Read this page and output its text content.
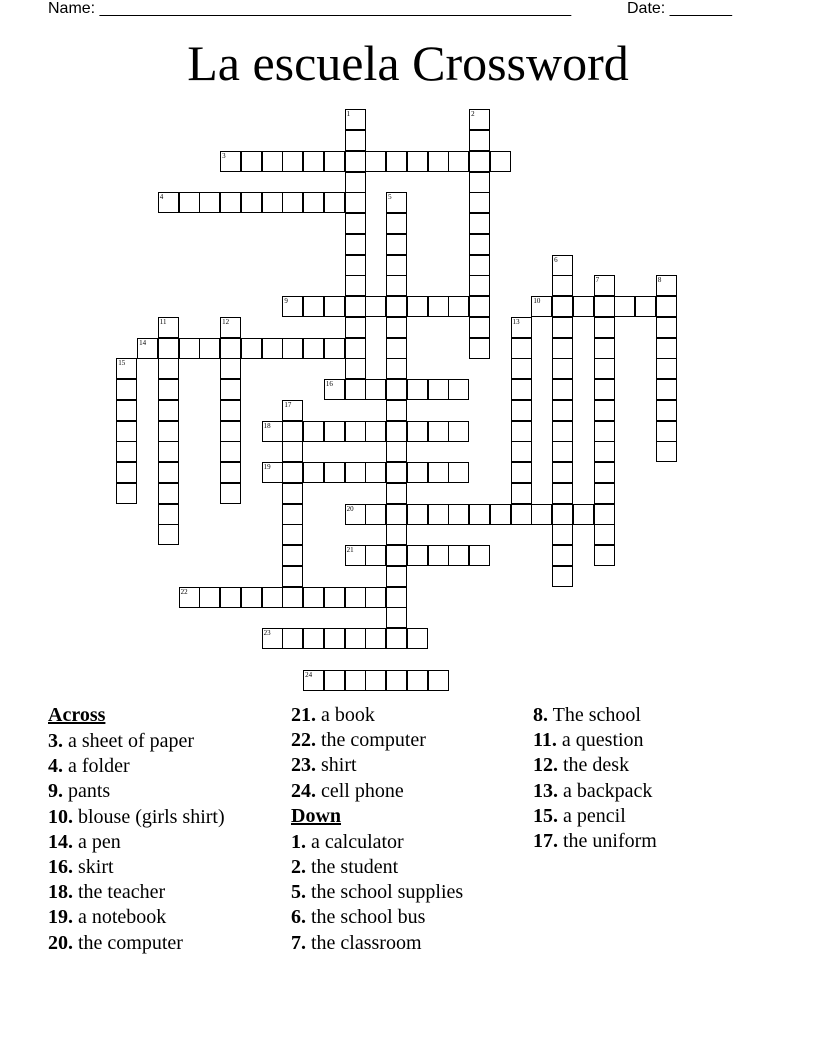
Name: _____________________________________________________	Date: _______
La escuela Crossword
3
4
9	10
14
16
18
19
20
21
22
23
24
1	2
5
6
7	8
11	12	13
15
17
Across
3. a sheet of paper
4. a folder
9. pants
10. blouse (girls shirt)
14. a pen
16. skirt
18. the teacher
19. a notebook
20. the computer
21. a book
22. the computer
23. shirt
24. cell phone
Down
1. a calculator
2. the student
5. the school supplies
6. the school bus
7. the classroom
8. The school
11. a question
12. the desk
13. a backpack
15. a pencil
17. the uniform
